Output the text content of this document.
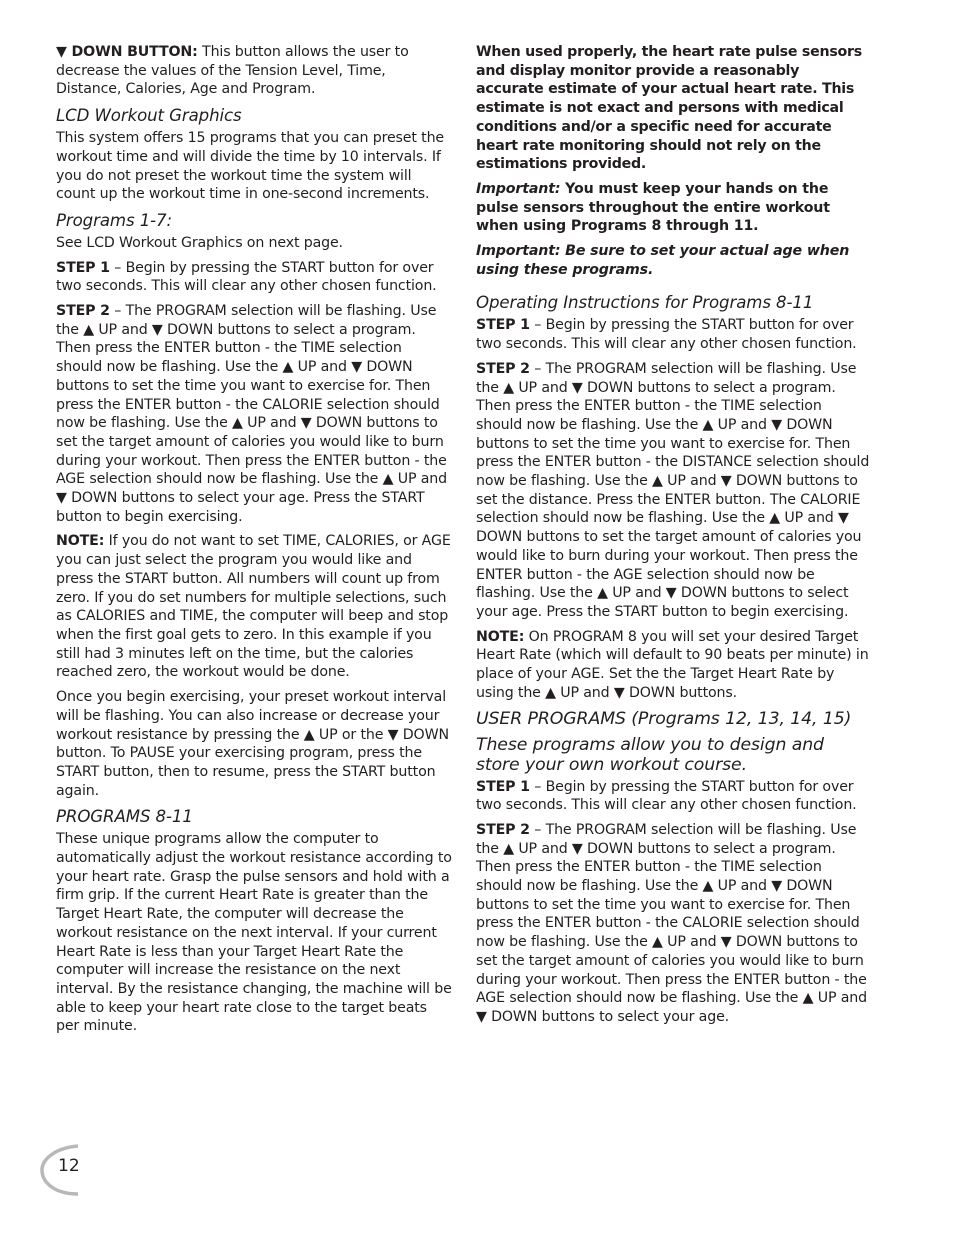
▼ DOWN BUTTON: This button allows the user to decrease the values of the Tension Level, Time, Distance, Calories, Age and Program.

LCD Workout Graphics

This system offers 15 programs that you can preset the workout time and will divide the time by 10 intervals. If you do not preset the workout time the system will count up the workout time in one-second increments.

Programs 1-7:

See LCD Workout Graphics on next page.

STEP 1 – Begin by pressing the START button for over two seconds. This will clear any other chosen function.

STEP 2 – The PROGRAM selection will be flashing. Use the ▲ UP and ▼ DOWN buttons to select a program. Then press the ENTER button - the TIME selection should now be flashing. Use the ▲ UP and ▼ DOWN buttons to set the time you want to exercise for. Then press the ENTER button - the CALORIE selection should now be flashing. Use the ▲ UP and ▼ DOWN buttons to set the target amount of calories you would like to burn during your workout. Then press the ENTER button - the AGE selection should now be flashing. Use the ▲ UP and ▼ DOWN buttons to select your age. Press the START button to begin exercising.

NOTE: If you do not want to set TIME, CALORIES, or AGE you can just select the program you would like and press the START button. All numbers will count up from zero. If you do set numbers for multiple selections, such as CALORIES and TIME, the computer will beep and stop when the first goal gets to zero. In this example if you still had 3 minutes left on the time, but the calories reached zero, the workout would be done.

Once you begin exercising, your preset workout interval will be flashing. You can also increase or decrease your workout resistance by pressing the ▲ UP or the ▼ DOWN button. To PAUSE your exercising program, press the START button, then to resume, press the START button again.

PROGRAMS 8-11

These unique programs allow the computer to automatically adjust the workout resistance according to your heart rate. Grasp the pulse sensors and hold with a firm grip. If the current Heart Rate is greater than the Target Heart Rate, the computer will decrease the workout resistance on the next interval. If your current Heart Rate is less than your Target Heart Rate the computer will increase the resistance on the next interval. By the resistance changing, the machine will be able to keep your heart rate close to the target beats per minute.

When used properly, the heart rate pulse sensors and display monitor provide a reasonably accurate estimate of your actual heart rate. This estimate is not exact and persons with medical conditions and/or a specific need for accurate heart rate monitoring should not rely on the estimations provided.

Important: You must keep your hands on the pulse sensors throughout the entire workout when using Programs 8 through 11.

Important: Be sure to set your actual age when using these programs.

Operating Instructions for Programs 8-11

STEP 1 – Begin by pressing the START button for over two seconds. This will clear any other chosen function.

STEP 2 – The PROGRAM selection will be flashing. Use the ▲ UP and ▼ DOWN buttons to select a program. Then press the ENTER button - the TIME selection should now be flashing. Use the ▲ UP and ▼ DOWN buttons to set the time you want to exercise for. Then press the ENTER button - the DISTANCE selection should now be flashing. Use the ▲ UP and ▼ DOWN buttons to set the distance. Press the ENTER button. The CALORIE selection should now be flashing. Use the ▲ UP and ▼ DOWN buttons to set the target amount of calories you would like to burn during your workout. Then press the ENTER button - the AGE selection should now be flashing. Use the ▲ UP and ▼ DOWN buttons to select your age. Press the START button to begin exercising.

NOTE: On PROGRAM 8 you will set your desired Target Heart Rate (which will default to 90 beats per minute) in place of your AGE. Set the the Target Heart Rate by using the ▲ UP and ▼ DOWN buttons.

USER PROGRAMS (Programs 12, 13, 14, 15)
These programs allow you to design and store your own workout course.

STEP 1 – Begin by pressing the START button for over two seconds. This will clear any other chosen function.

STEP 2 – The PROGRAM selection will be flashing. Use the ▲ UP and ▼ DOWN buttons to select a program. Then press the ENTER button - the TIME selection should now be flashing. Use the ▲ UP and ▼ DOWN buttons to set the time you want to exercise for. Then press the ENTER button - the CALORIE selection should now be flashing. Use the ▲ UP and ▼ DOWN buttons to set the target amount of calories you would like to burn during your workout. Then press the ENTER button - the AGE selection should now be flashing. Use the ▲ UP and ▼ DOWN buttons to select your age.

12
